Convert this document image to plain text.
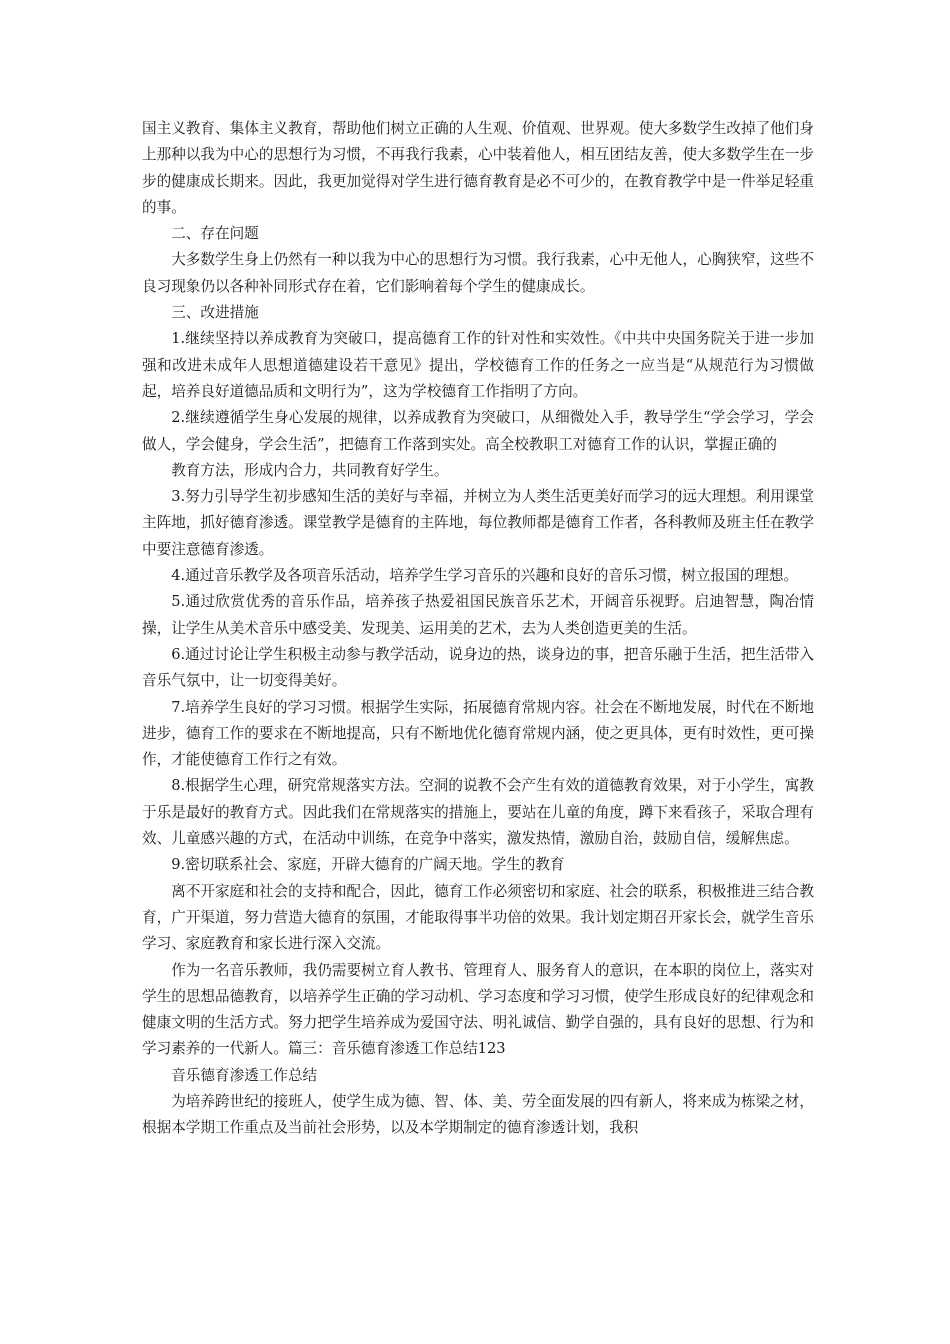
国主义教育、集体主义教育，帮助他们树立正确的人生观、价值观、世界观。使大多数学生改掉了他们身上那种以我为中心的思想行为习惯，不再我行我素，心中装着他人，相互团结友善，使大多数学生在一步步的健康成长期来。因此，我更加觉得对学生进行德育教育是必不可少的，在教育教学中是一件举足轻重的事。

二、存在问题

大多数学生身上仍然有一种以我为中心的思想行为习惯。我行我素，心中无他人，心胸狭窄，这些不良习现象仍以各种补同形式存在着，它们影响着每个学生的健康成长。

三、改进措施

1.继续坚持以养成教育为突破口，提高德育工作的针对性和实效性。《中共中央国务院关于进一步加强和改进未成年人思想道德建设若干意见》提出，学校德育工作的任务之一应当是“从规范行为习惯做起，培养良好道德品质和文明行为”，这为学校德育工作指明了方向。

2.继续遵循学生身心发展的规律，以养成教育为突破口，从细微处入手，教导学生“学会学习，学会做人，学会健身，学会生活”，把德育工作落到实处。高全校教职工对德育工作的认识，掌握正确的

教育方法，形成内合力，共同教育好学生。

3.努力引导学生初步感知生活的美好与幸福，并树立为人类生活更美好而学习的远大理想。利用课堂主阵地，抓好德育渗透。课堂教学是德育的主阵地，每位教师都是德育工作者，各科教师及班主任在教学中要注意德育渗透。

4.通过音乐教学及各项音乐活动，培养学生学习音乐的兴趣和良好的音乐习惯，树立报国的理想。

5.通过欣赏优秀的音乐作品，培养孩子热爱祖国民族音乐艺术，开阔音乐视野。启迪智慧，陶冶情操，让学生从美术音乐中感受美、发现美、运用美的艺术，去为人类创造更美的生活。

6.通过讨论让学生积极主动参与教学活动，说身边的热，谈身边的事，把音乐融于生活，把生活带入音乐气氛中，让一切变得美好。

7.培养学生良好的学习习惯。根据学生实际，拓展德育常规内容。社会在不断地发展，时代在不断地进步，德育工作的要求在不断地提高，只有不断地优化德育常规内涵，使之更具体，更有时效性，更可操作，才能使德育工作行之有效。

8.根据学生心理，研究常规落实方法。空洞的说教不会产生有效的道德教育效果，对于小学生，寓教于乐是最好的教育方式。因此我们在常规落实的措施上，要站在儿童的角度，蹲下来看孩子，采取合理有效、儿童感兴趣的方式，在活动中训练，在竞争中落实，激发热情，激励自治，鼓励自信，缓解焦虑。

9.密切联系社会、家庭，开辟大德育的广阔天地。学生的教育

离不开家庭和社会的支持和配合，因此，德育工作必须密切和家庭、社会的联系，积极推进三结合教育，广开渠道，努力营造大德育的氛围，才能取得事半功倍的效果。我计划定期召开家长会，就学生音乐学习、家庭教育和家长进行深入交流。

作为一名音乐教师，我仍需要树立育人教书、管理育人、服务育人的意识，在本职的岗位上，落实对学生的思想品德教育，以培养学生正确的学习动机、学习态度和学习习惯，使学生形成良好的纪律观念和健康文明的生活方式。努力把学生培养成为爱国守法、明礼诚信、勤学自强的，具有良好的思想、行为和学习素养的一代新人。篇三：音乐德育渗透工作总结123

音乐德育渗透工作总结

为培养跨世纪的接班人，使学生成为德、智、体、美、劳全面发展的四有新人，将来成为栋梁之材，根据本学期工作重点及当前社会形势，以及本学期制定的德育渗透计划，我积
